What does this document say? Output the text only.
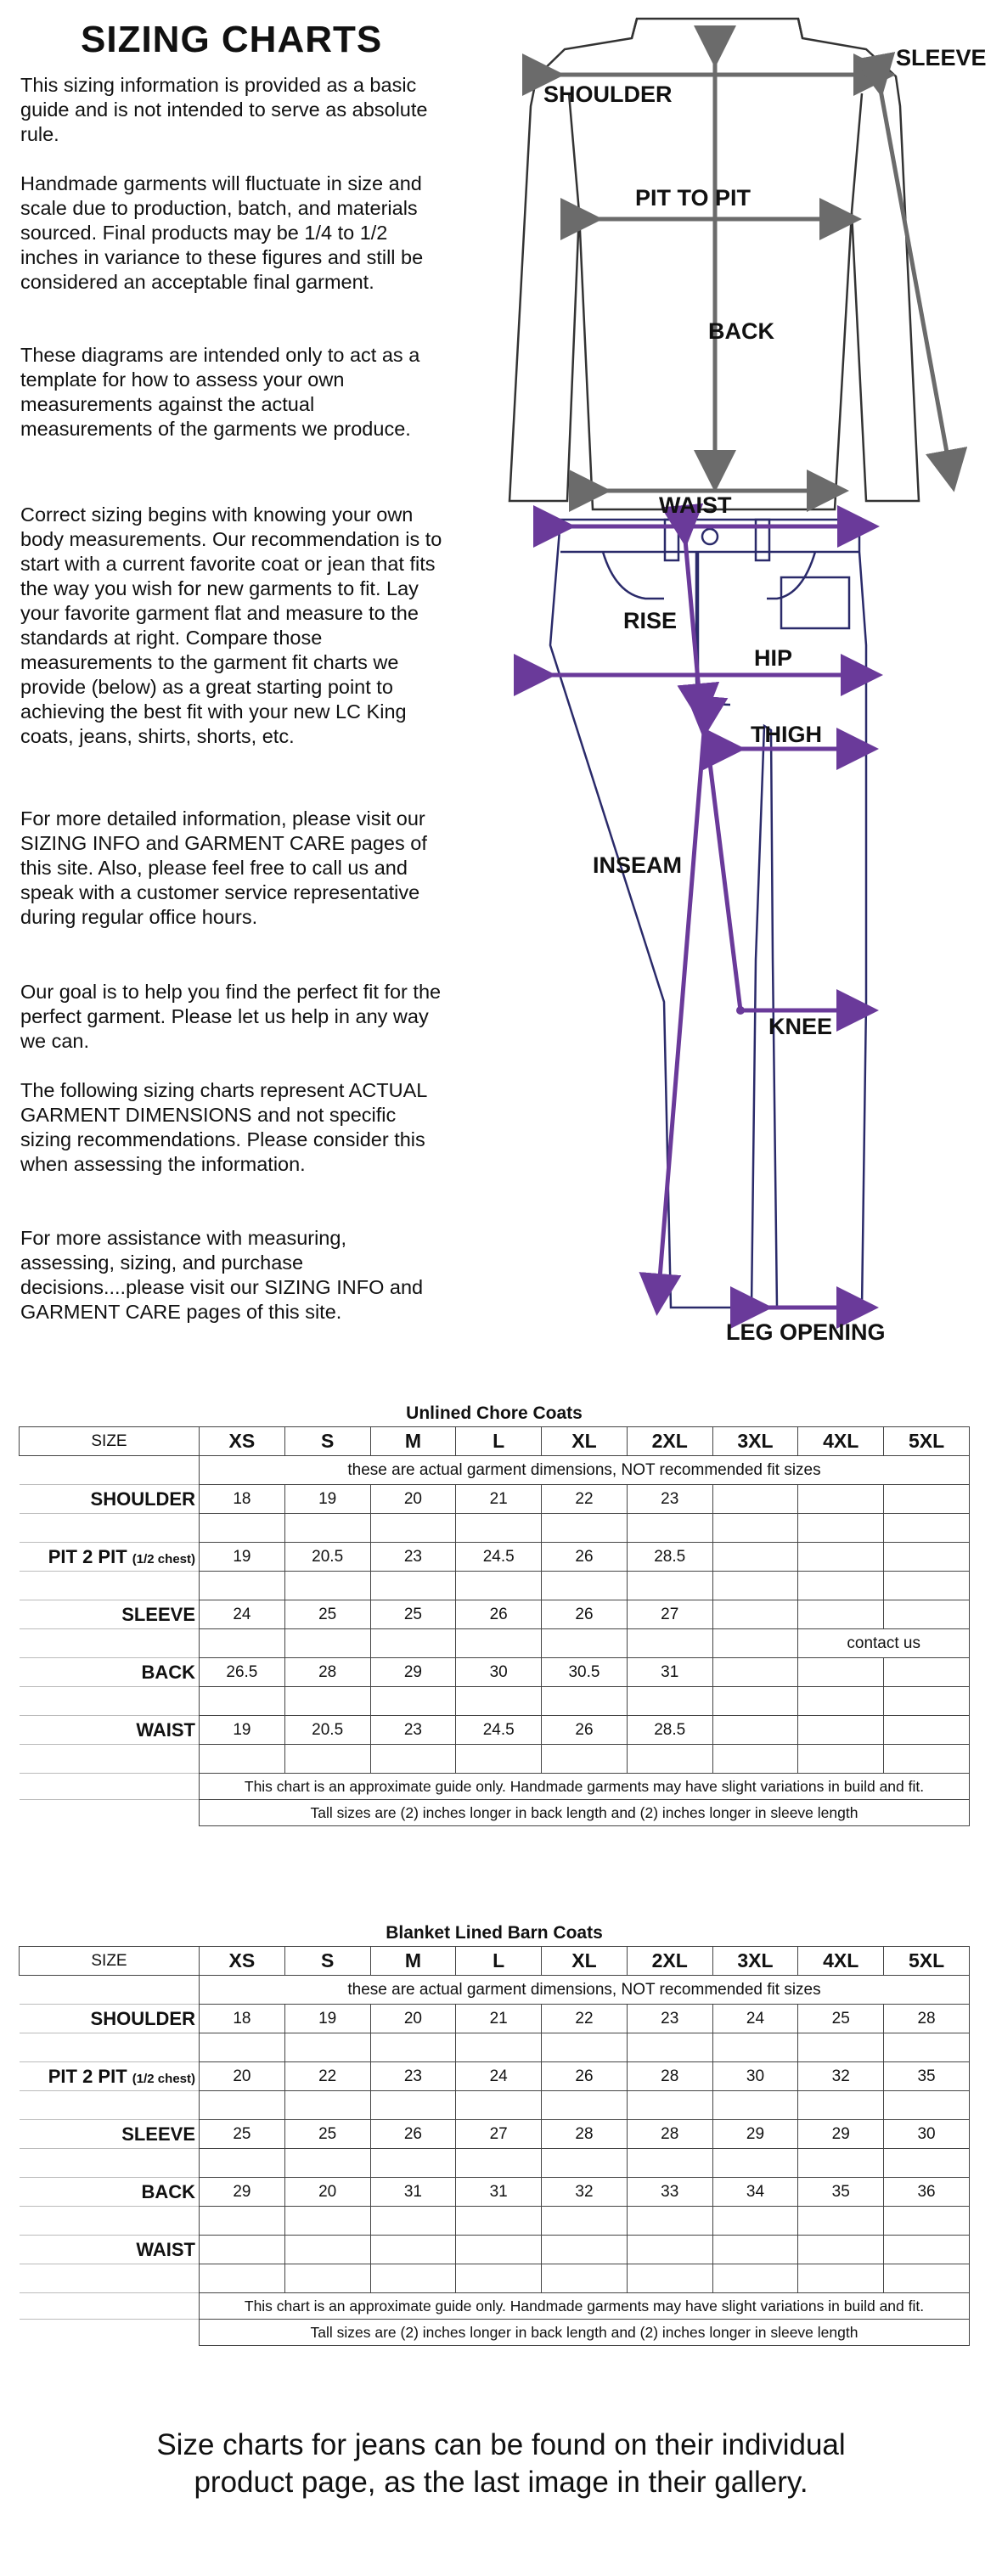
SIZING CHARTS

This sizing information is provided as a basic guide and is not intended to serve as absolute rule.

Handmade garments will fluctuate in size and scale due to production, batch, and materials sourced. Final products may be 1/4 to 1/2 inches in variance to these figures and still be considered an acceptable final garment.

These diagrams are intended only to act as a template for how to assess your own measurements against the actual measurements of the garments we produce.

Correct sizing begins with knowing your own body measurements. Our recommendation is to start with a current favorite coat or jean that fits the way you wish for new garments to fit. Lay your favorite garment flat and measure to the standards at right. Compare those measurements to the garment fit charts we provide (below) as a great starting point to achieving the best fit with your new LC King coats, jeans, shirts, shorts, etc.

For more detailed information, please visit our SIZING INFO and GARMENT CARE pages of this site. Also, please feel free to call us and speak with a customer service representative during regular office hours.

Our goal is to help you find the perfect fit for the perfect garment. Please let us help in any way we can.

The following sizing charts represent ACTUAL GARMENT DIMENSIONS and not specific sizing recommendations. Please consider this when assessing the information.

For more assistance with measuring, assessing, sizing, and purchase decisions....please visit our SIZING INFO and GARMENT CARE pages of this site.

SHOULDER
SLEEVE
PIT TO PIT
BACK
WAIST
RISE
HIP
THIGH
INSEAM
KNEE
LEG OPENING
Unlined Chore Coats
SIZE	XS	S	M	L	XL	2XL	3XL	4XL	5XL
	these are actual garment dimensions, NOT recommended fit sizes								
SHOULDER	18	19	20	21	22	23			

PIT 2 PIT (1/2 chest)	19	20.5	23	24.5	26	28.5			

SLEEVE	24	25	25	26	26	27			
								contact us	
BACK	26.5	28	29	30	30.5	31			

WAIST	19	20.5	23	24.5	26	28.5			

	This chart is an approximate guide only. Handmade garments may have slight variations in build and fit.								
	Tall sizes are (2) inches longer in back length and (2) inches longer in sleeve length								
Blanket Lined Barn Coats
SIZE	XS	S	M	L	XL	2XL	3XL	4XL	5XL
	these are actual garment dimensions, NOT recommended fit sizes								
SHOULDER	18	19	20	21	22	23	24	25	28

PIT 2 PIT (1/2 chest)	20	22	23	24	26	28	30	32	35

SLEEVE	25	25	26	27	28	28	29	29	30

BACK	29	20	31	31	32	33	34	35	36

WAIST									

	This chart is an approximate guide only. Handmade garments may have slight variations in build and fit.								
	Tall sizes are (2) inches longer in back length and (2) inches longer in sleeve length								
Size charts for jeans can be found on their individual
product page, as the last image in their gallery.
